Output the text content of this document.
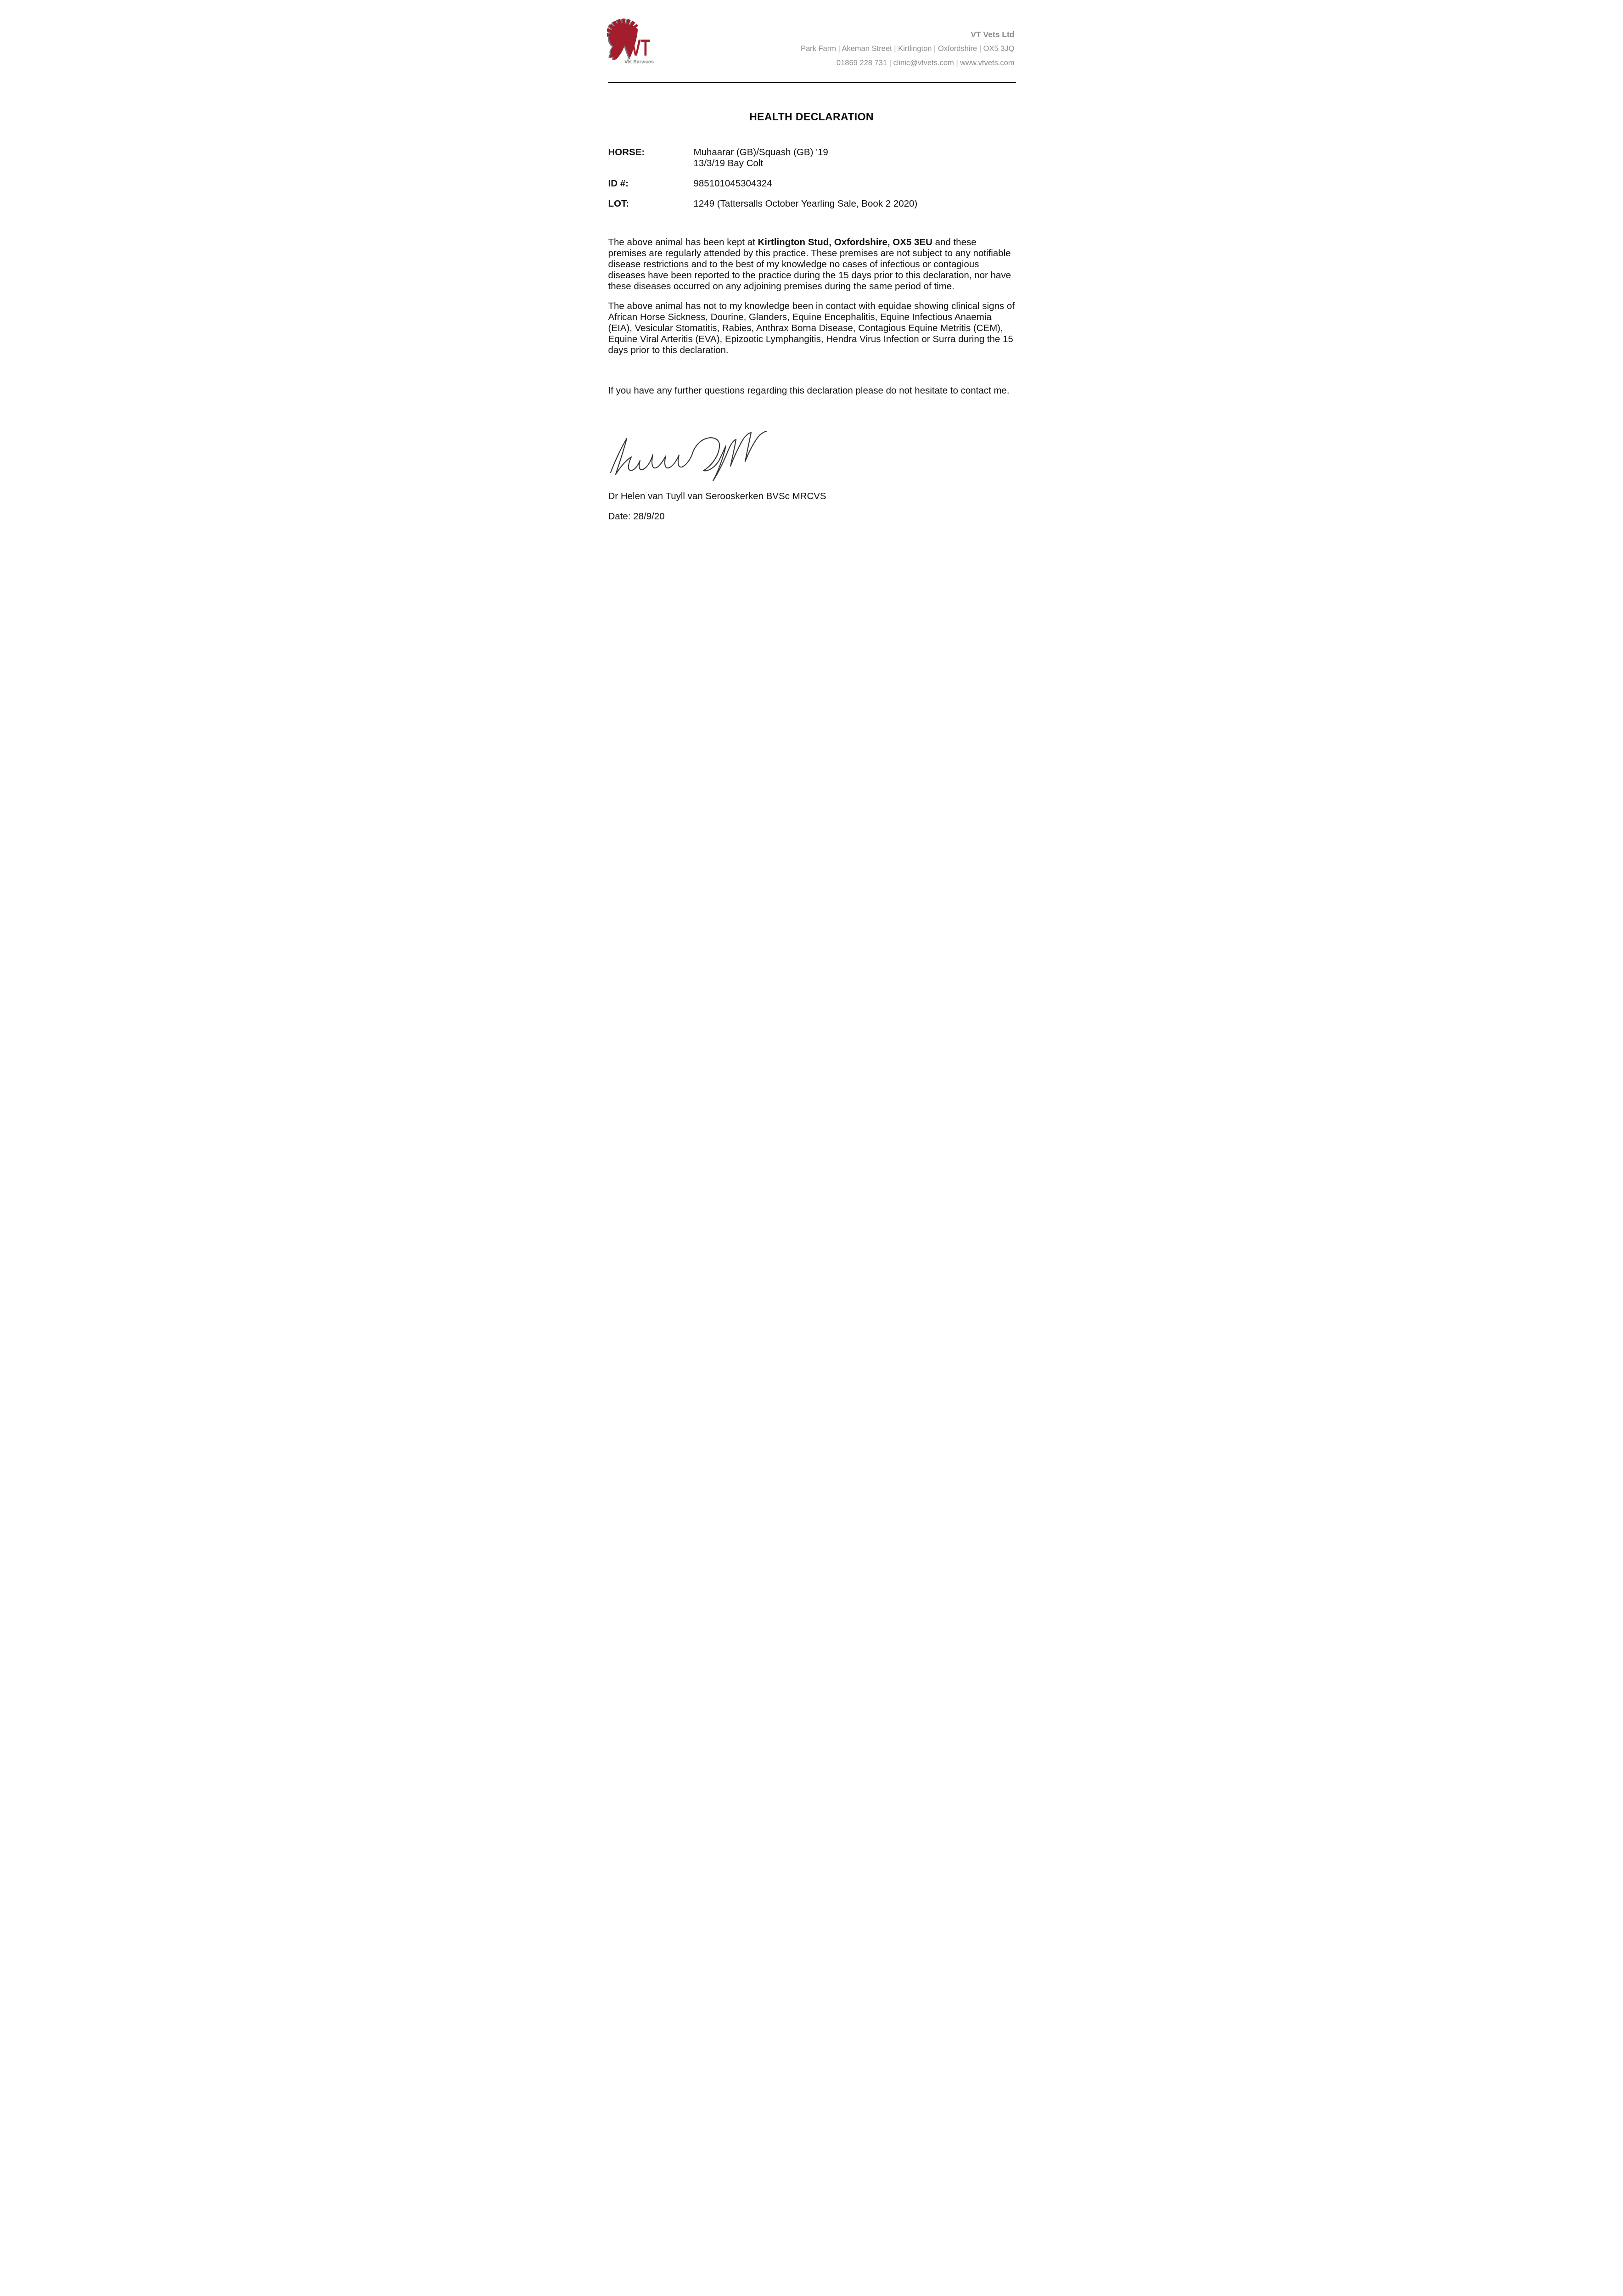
VT
Vet Services
VT Vets Ltd
Park Farm | Akeman Street | Kirtlington | Oxfordshire | OX5 3JQ
01869 228 731 | clinic@vtvets.com | www.vtvets.com
HEALTH DECLARATION
HORSE:	Muhaarar (GB)/Squash (GB) '19
13/3/19 Bay Colt
ID #:	985101045304324
LOT:	1249 (Tattersalls October Yearling Sale, Book 2 2020)

The above animal has been kept at Kirtlington Stud, Oxfordshire, OX5 3EU and these premises are regularly attended by this practice. These premises are not subject to any notifiable disease restrictions and to the best of my knowledge no cases of infectious or contagious diseases have been reported to the practice during the 15 days prior to this declaration, nor have these diseases occurred on any adjoining premises during the same period of time.

The above animal has not to my knowledge been in contact with equidae showing clinical signs of African Horse Sickness, Dourine, Glanders, Equine Encephalitis, Equine Infectious Anaemia (EIA), Vesicular Stomatitis, Rabies, Anthrax Borna Disease, Contagious Equine Metritis (CEM), Equine Viral Arteritis (EVA), Epizootic Lymphangitis, Hendra Virus Infection or Surra during the 15 days prior to this declaration.

If you have any further questions regarding this declaration please do not hesitate to contact me.

Dr Helen van Tuyll van Serooskerken BVSc MRCVS
Date: 28/9/20
